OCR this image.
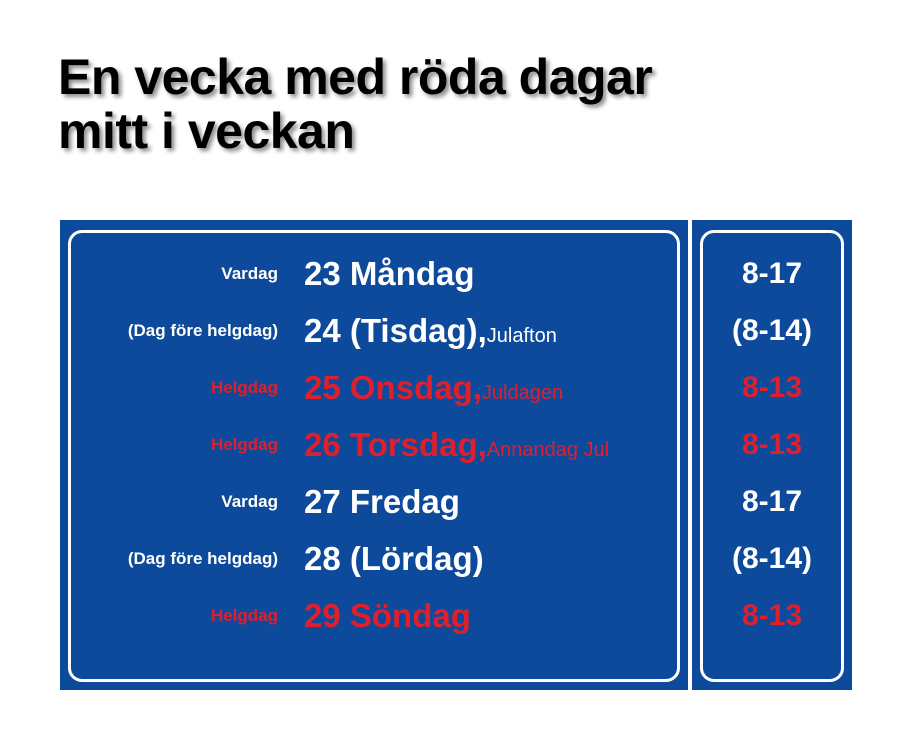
En vecka med röda dagar
mitt i veckan
Vardag 23 Måndag	8-17
(Dag före helgdag) 24 (Tisdag),Julafton	(8-14)
Helgdag 25 Onsdag,Juldagen	8-13
Helgdag 26 Torsdag,Annandag Jul	8-13
Vardag 27 Fredag	8-17
(Dag före helgdag) 28 (Lördag)	(8-14)
Helgdag 29 Söndag	8-13
